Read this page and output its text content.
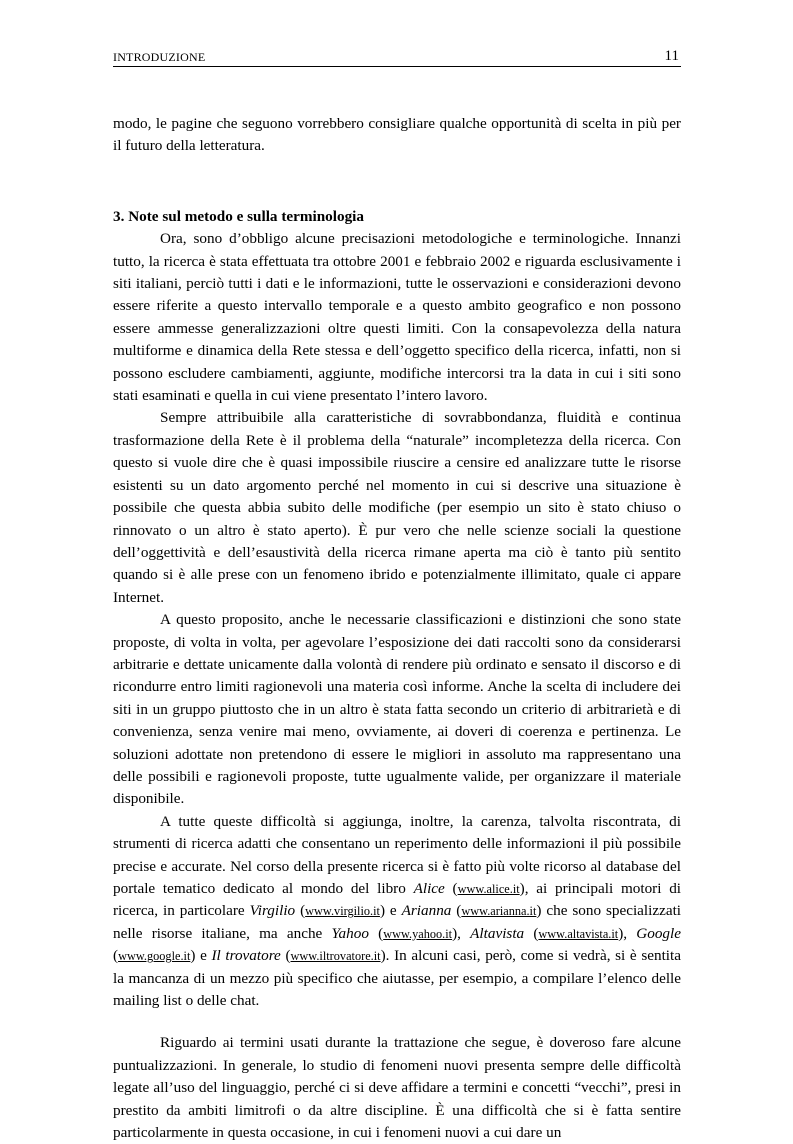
INTRODUZIONE	11

modo, le pagine che seguono vorrebbero consigliare qualche opportunità di scelta in più per il futuro della letteratura.

3. Note sul metodo e sulla terminologia

Ora, sono d’obbligo alcune precisazioni metodologiche e terminologiche. Innanzi tutto, la ricerca è stata effettuata tra ottobre 2001 e febbraio 2002 e riguarda esclusivamente i siti italiani, perciò tutti i dati e le informazioni, tutte le osservazioni e considerazioni devono essere riferite a questo intervallo temporale e a questo ambito geografico e non possono essere ammesse generalizzazioni oltre questi limiti. Con la consapevolezza della natura multiforme e dinamica della Rete stessa e dell’oggetto specifico della ricerca, infatti, non si possono escludere cambiamenti, aggiunte, modifiche intercorsi tra la data in cui i siti sono stati esaminati e quella in cui viene presentato l’intero lavoro.

Sempre attribuibile alla caratteristiche di sovrabbondanza, fluidità e continua trasformazione della Rete è il problema della “naturale” incompletezza della ricerca. Con questo si vuole dire che è quasi impossibile riuscire a censire ed analizzare tutte le risorse esistenti su un dato argomento perché nel momento in cui si descrive una situazione è possibile che questa abbia subito delle modifiche (per esempio un sito è stato chiuso o rinnovato o un altro è stato aperto). È pur vero che nelle scienze sociali la questione dell’oggettività e dell’esaustività della ricerca rimane aperta ma ciò è tanto più sentito quando si è alle prese con un fenomeno ibrido e potenzialmente illimitato, quale ci appare Internet.

A questo proposito, anche le necessarie classificazioni e distinzioni che sono state proposte, di volta in volta, per agevolare l’esposizione dei dati raccolti sono da considerarsi arbitrarie e dettate unicamente dalla volontà di rendere più ordinato e sensato il discorso e di ricondurre entro limiti ragionevoli una materia così informe. Anche la scelta di includere dei siti in un gruppo piuttosto che in un altro è stata fatta secondo un criterio di arbitrarietà e di convenienza, senza venire mai meno, ovviamente, ai doveri di coerenza e pertinenza. Le soluzioni adottate non pretendono di essere le migliori in assoluto ma rappresentano una delle possibili e ragionevoli proposte, tutte ugualmente valide, per organizzare il materiale disponibile.

A tutte queste difficoltà si aggiunga, inoltre, la carenza, talvolta riscontrata, di strumenti di ricerca adatti che consentano un reperimento delle informazioni il più possibile precise e accurate. Nel corso della presente ricerca si è fatto più volte ricorso al database del portale tematico dedicato al mondo del libro Alice (www.alice.it), ai principali motori di ricerca, in particolare Virgilio (www.virgilio.it) e Arianna (www.arianna.it) che sono specializzati nelle risorse italiane, ma anche Yahoo (www.yahoo.it), Altavista (www.altavista.it), Google (www.google.it) e Il trovatore (www.iltrovatore.it). In alcuni casi, però, come si vedrà, si è sentita la mancanza di un mezzo più specifico che aiutasse, per esempio, a compilare l’elenco delle mailing list o delle chat.

Riguardo ai termini usati durante la trattazione che segue, è doveroso fare alcune puntualizzazioni. In generale, lo studio di fenomeni nuovi presenta sempre delle difficoltà legate all’uso del linguaggio, perché ci si deve affidare a termini e concetti “vecchi”, presi in prestito da ambiti limitrofi o da altre discipline. È una difficoltà che si è fatta sentire particolarmente in questa occasione, in cui i fenomeni nuovi a cui dare un
